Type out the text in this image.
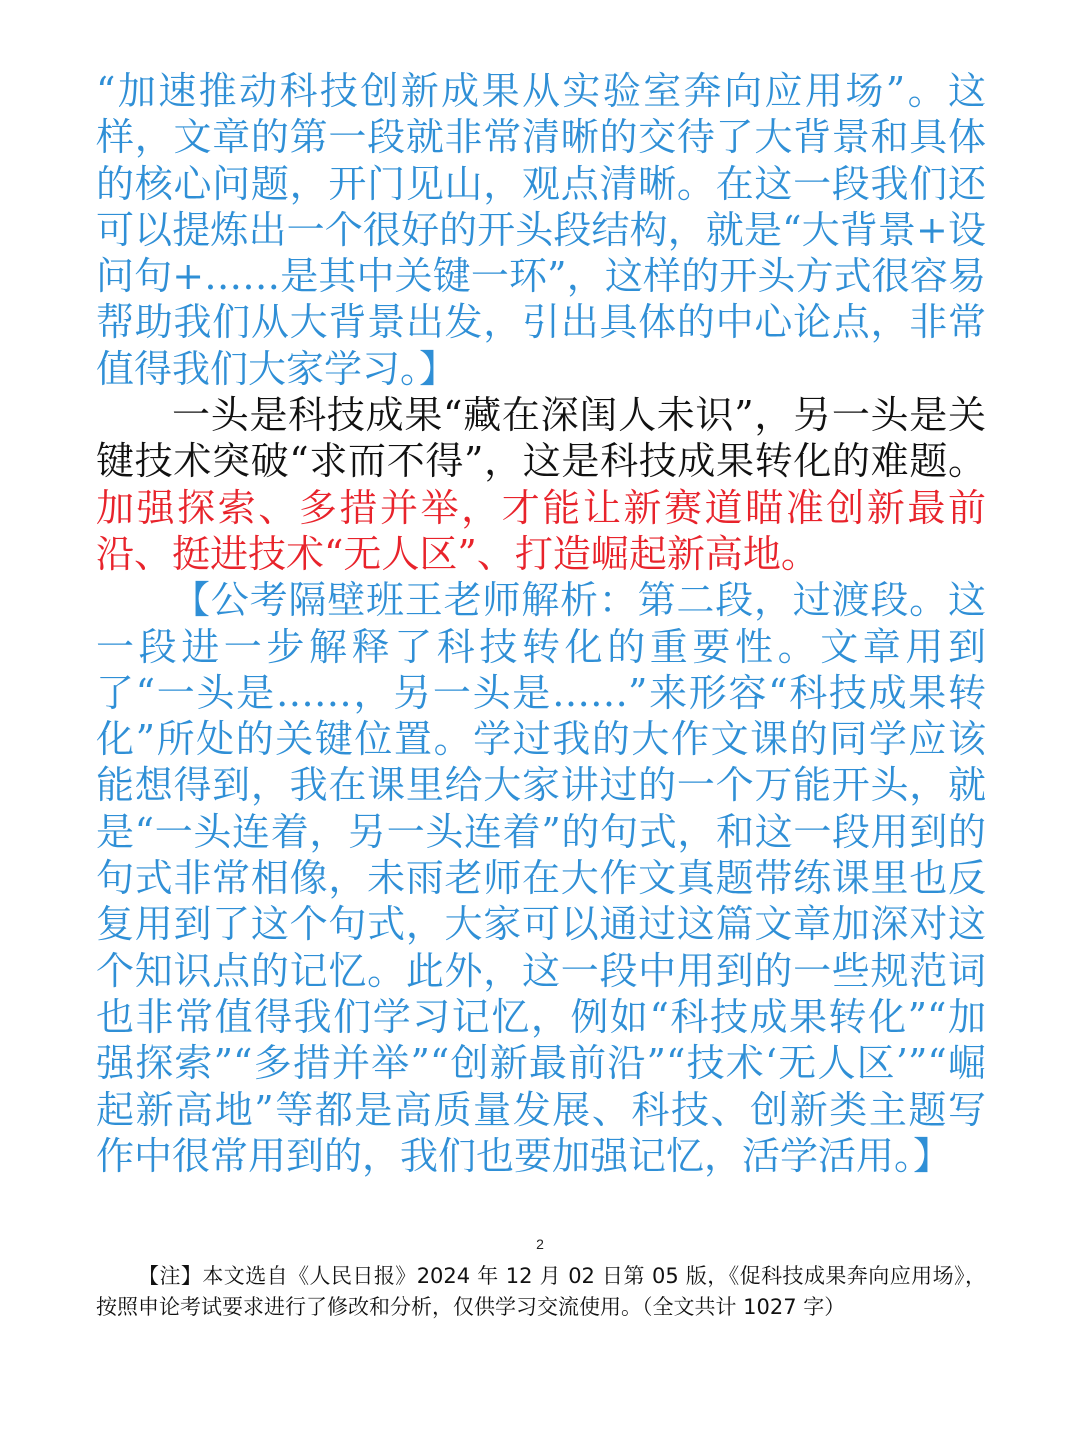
“加速推动科技创新成果从实验室奔向应用场”。这样，文章的第一段就非常清晰的交待了大背景和具体的核心问题，开门见山，观点清晰。在这一段我们还可以提炼出一个很好的开头段结构，就是“大背景+设问句+……是其中关键一环”，这样的开头方式很容易帮助我们从大背景出发，引出具体的中心论点，非常值得我们大家学习。】

一头是科技成果“藏在深闺人未识”，另一头是关键技术突破“求而不得”，这是科技成果转化的难题。加强探索、多措并举，才能让新赛道瞄准创新最前沿、挺进技术“无人区”、打造崛起新高地。

【公考隔壁班王老师解析：第二段，过渡段。这一段进一步解释了科技转化的重要性。文章用到了“一头是……，另一头是……”来形容“科技成果转化”所处的关键位置。学过我的大作文课的同学应该能想得到，我在课里给大家讲过的一个万能开头，就是“一头连着，另一头连着”的句式，和这一段用到的句式非常相像，未雨老师在大作文真题带练课里也反复用到了这个句式，大家可以通过这篇文章加深对这个知识点的记忆。此外，这一段中用到的一些规范词也非常值得我们学习记忆，例如“科技成果转化”“加强探索”“多措并举”“创新最前沿”“技术‘无人区’”“崛起新高地”等都是高质量发展、科技、创新类主题写作中很常用到的，我们也要加强记忆，活学活用。】

2
【注】本文选自《人民日报》2024 年 12 月 02 日第 05 版，《促科技成果奔向应用场》，按照申论考试要求进行了修改和分析，仅供学习交流使用。（全文共计 1027 字）
